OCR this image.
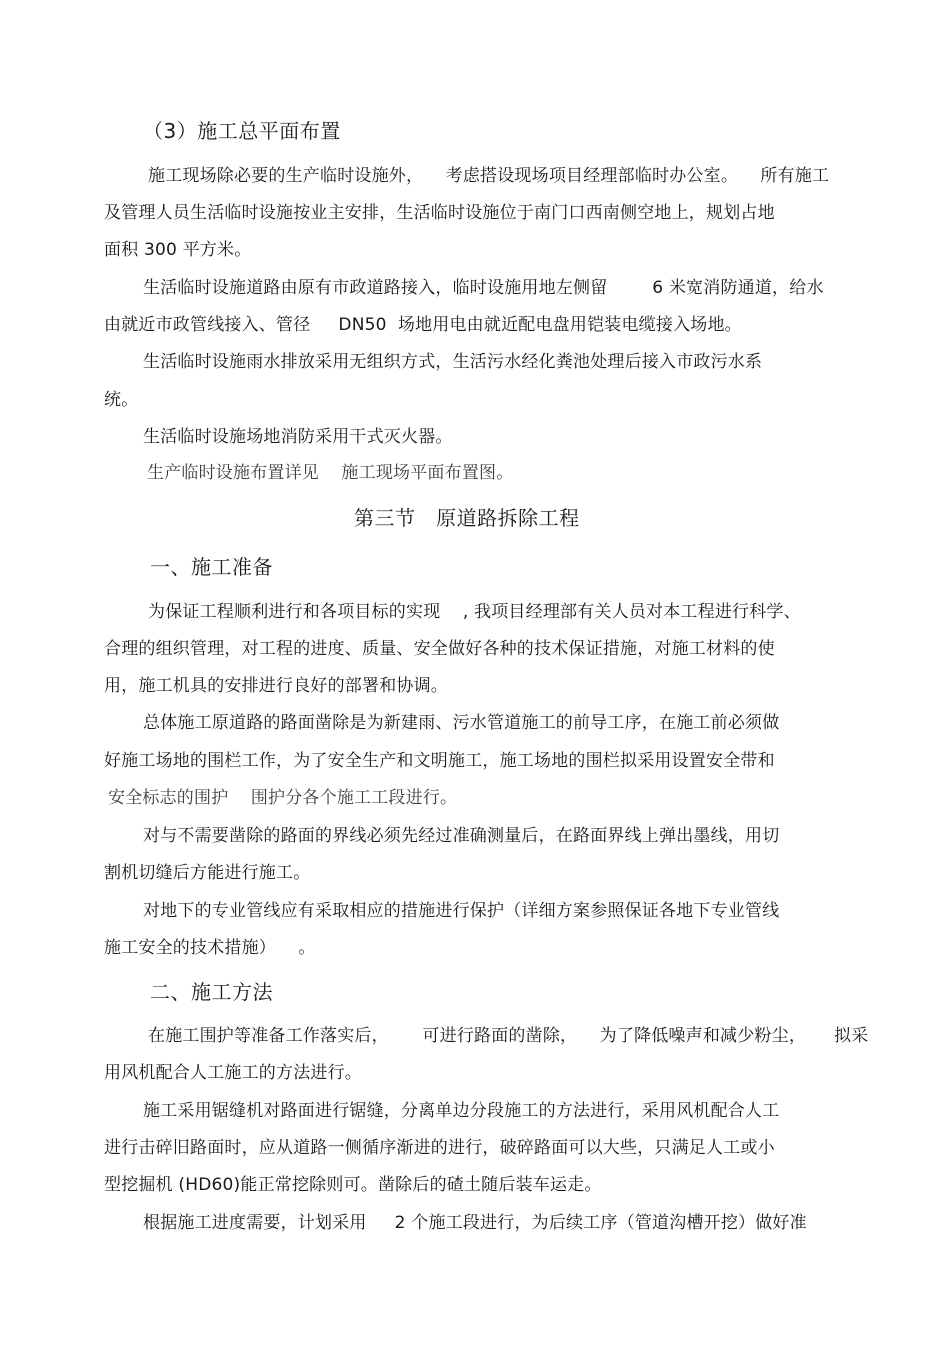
（3）施工总平面布置
施工现场除必要的生产临时设施外，    考虑搭设现场项目经理部临时办公室。    所有施工
及管理人员生活临时设施按业主安排，生活临时设施位于南门口西南侧空地上，规划占地
面积 300 平方米。
生活临时设施道路由原有市政道路接入，临时设施用地左侧留        6 米宽消防通道，给水
由就近市政管线接入、管径     DN50  场地用电由就近配电盘用铠装电缆接入场地。
生活临时设施雨水排放采用无组织方式，生活污水经化粪池处理后接入市政污水系
统。
生活临时设施场地消防采用干式灭火器。
生产临时设施布置详见    施工现场平面布置图。
第三节   原道路拆除工程
一、施工准备
为保证工程顺利进行和各项目标的实现    , 我项目经理部有关人员对本工程进行科学、
合理的组织管理，对工程的进度、质量、安全做好各种的技术保证措施，对施工材料的使
用，施工机具的安排进行良好的部署和协调。
总体施工原道路的路面凿除是为新建雨、污水管道施工的前导工序，在施工前必须做
好施工场地的围栏工作，为了安全生产和文明施工，施工场地的围栏拟采用设置安全带和
安全标志的围护    围护分各个施工工段进行。
对与不需要凿除的路面的界线必须先经过准确测量后，在路面界线上弹出墨线，用切
割机切缝后方能进行施工。
对地下的专业管线应有采取相应的措施进行保护（详细方案参照保证各地下专业管线
施工安全的技术措施）    。
二、施工方法
在施工围护等准备工作落实后，      可进行路面的凿除，    为了降低噪声和减少粉尘，     拟采
用风机配合人工施工的方法进行。
施工采用锯缝机对路面进行锯缝，分离单边分段施工的方法进行，采用风机配合人工
进行击碎旧路面时，应从道路一侧循序渐进的进行，破碎路面可以大些，只满足人工或小
型挖掘机 (HD60)能正常挖除则可。凿除后的碴土随后装车运走。
根据施工进度需要，计划采用     2 个施工段进行，为后续工序（管道沟槽开挖）做好准
